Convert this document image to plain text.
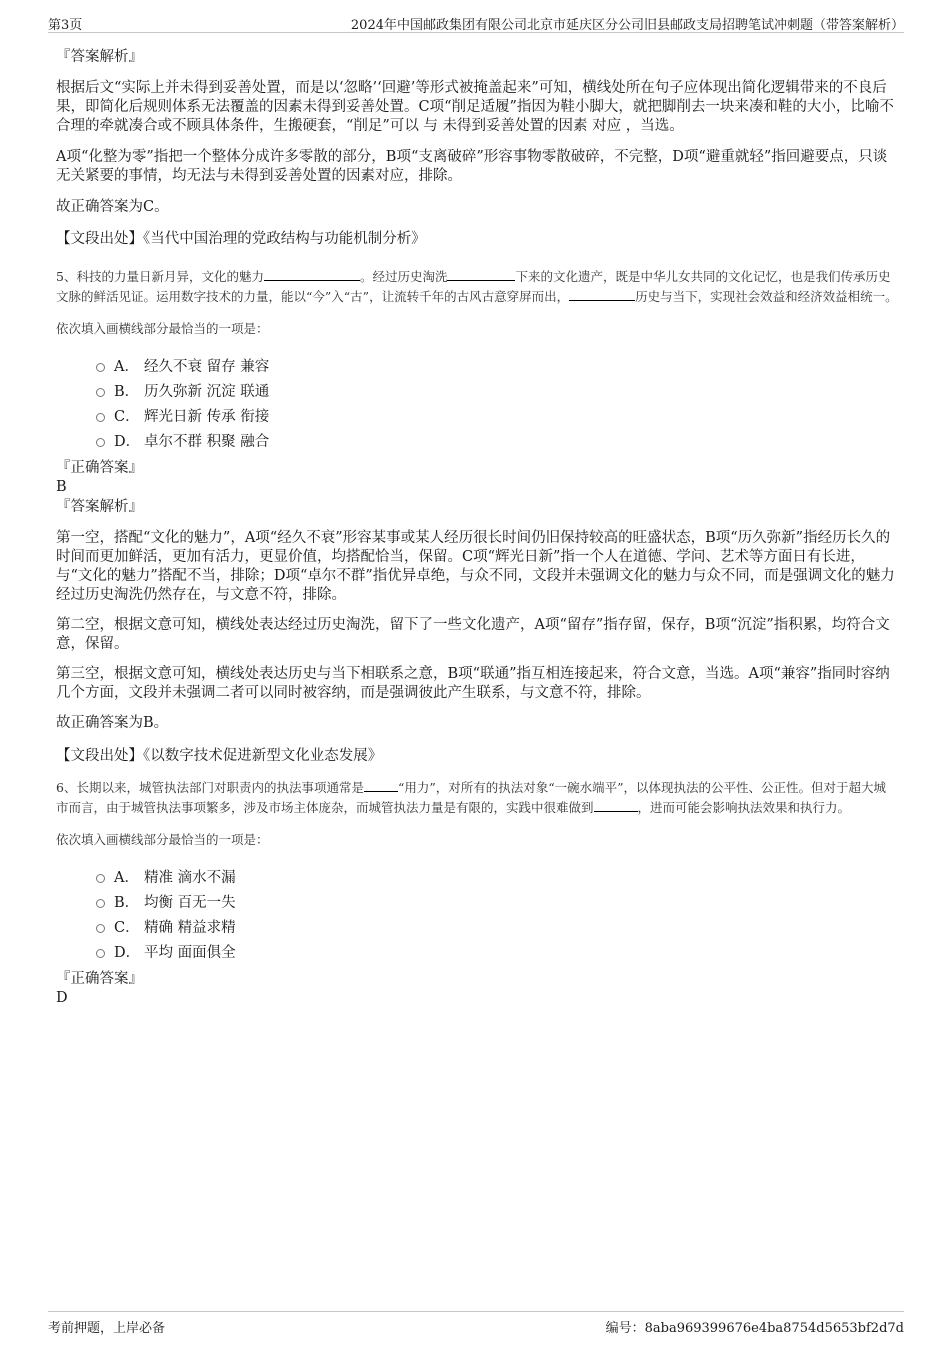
第3页	2024年中国邮政集团有限公司北京市延庆区分公司旧县邮政支局招聘笔试冲刺题（带答案解析）

『答案解析』

根据后文“实际上并未得到妥善处置，而是以‘忽略’‘回避’等形式被掩盖起来”可知，横线处所在句子应体现出简化逻辑带来的不良后果，即简化后规则体系无法覆盖的因素未得到妥善处置。C项“削足适履”指因为鞋小脚大，就把脚削去一块来凑和鞋的大小，比喻不合理的牵就凑合或不顾具体条件，生搬硬套，“削足”可以 与 未得到妥善处置的因素 对应 ，当选。

A项“化整为零”指把一个整体分成许多零散的部分，B项“支离破碎”形容事物零散破碎，不完整，D项“避重就轻”指回避要点，只谈无关紧要的事情，均无法与未得到妥善处置的因素对应，排除。

故正确答案为C。

【文段出处】《当代中国治理的党政结构与功能机制分析》

5、科技的力量日新月异，文化的魅力	。经过历史淘洗	下来的文化遗产，既是中华儿女共同的文化记忆，也是我们传承历史文脉的鲜活见证。运用数字技术的力量，能以“今”入“古”，让流转千年的古风古意穿屏而出，	历史与当下，实现社会效益和经济效益相统一。

依次填入画横线部分最恰当的一项是：

A． 经久不衰 留存 兼容
B． 历久弥新 沉淀 联通
C． 辉光日新 传承 衔接
D． 卓尔不群 积聚 融合

『正确答案』

B

『答案解析』

第一空，搭配“文化的魅力”，A项“经久不衰”形容某事或某人经历很长时间仍旧保持较高的旺盛状态，B项“历久弥新”指经历长久的时间而更加鲜活，更加有活力，更显价值，均搭配恰当，保留。C项“辉光日新”指一个人在道德、学问、艺术等方面日有长进，与“文化的魅力”搭配不当，排除；D项“卓尔不群”指优异卓绝，与众不同，文段并未强调文化的魅力与众不同，而是强调文化的魅力经过历史淘洗仍然存在，与文意不符，排除。

第二空，根据文意可知，横线处表达经过历史淘洗，留下了一些文化遗产，A项“留存”指存留，保存，B项“沉淀”指积累，均符合文意，保留。

第三空，根据文意可知，横线处表达历史与当下相联系之意，B项“联通”指互相连接起来，符合文意，当选。A项“兼容”指同时容纳几个方面，文段并未强调二者可以同时被容纳，而是强调彼此产生联系，与文意不符，排除。

故正确答案为B。

【文段出处】《以数字技术促进新型文化业态发展》

6、长期以来，城管执法部门对职责内的执法事项通常是	“用力”，对所有的执法对象“一碗水端平”，以体现执法的公平性、公正性。但对于超大城市而言，由于城管执法事项繁多，涉及市场主体庞杂，而城管执法力量是有限的，实践中很难做到	，进而可能会影响执法效果和执行力。

依次填入画横线部分最恰当的一项是：

A． 精准 滴水不漏
B． 均衡 百无一失
C． 精确 精益求精
D． 平均 面面俱全

『正确答案』

D

考前押题，上岸必备	编号：8aba969399676e4ba8754d5653bf2d7d
